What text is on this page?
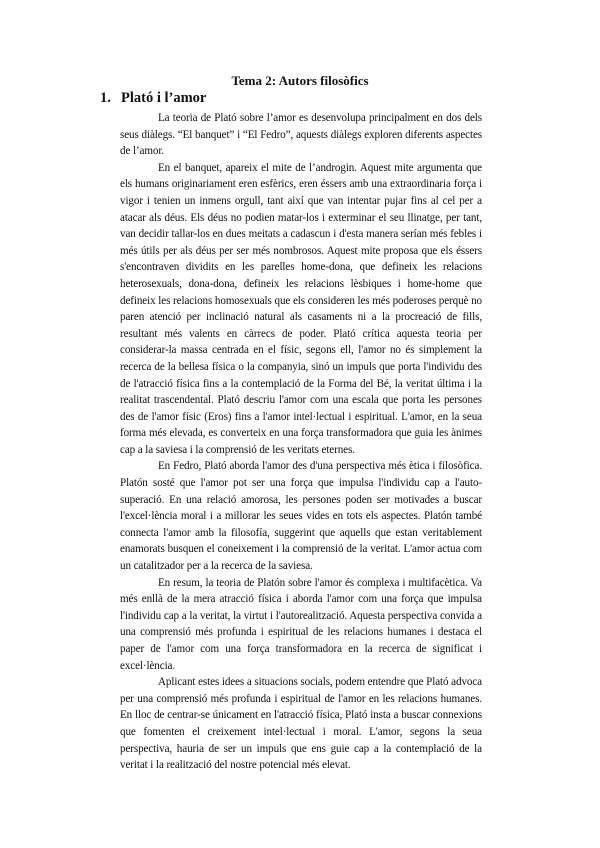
Tema 2: Autors filosòfics
1. Plató i l’amor

La teoria de Plató sobre l’amor es desenvolupa principalment en dos dels seus diàlegs. “El banquet” i “El Fedro”, aquests diàlegs exploren diferents aspectes de l’amor.

En el banquet, apareix el mite de l’androgin. Aquest mite argumenta que els humans originariament eren esfèrics, eren éssers amb una extraordinaria força i vigor i tenien un inmens orgull, tant així que van intentar pujar fins al cel per a atacar als déus. Els déus no podien matar-los i exterminar el seu llinatge, per tant, van decidir tallar-los en dues meitats a cadascun i d'esta manera serían més febles i més útils per als déus per ser més nombrosos. Aquest mite proposa que els éssers s'encontraven dividits en les parelles home-dona, que defineix les relacions heterosexuals, dona-dona, defineix les relacions lèsbiques i home-home que defineix les relacions homosexuals que els consideren les més poderoses perquè no paren atenció per inclinació natural als casaments ni a la procreació de fills, resultant més valents en càrrecs de poder. Plató crítica aquesta teoria per considerar-la massa centrada en el físic, segons ell, l'amor no és simplement la recerca de la bellesa física o la companyia, sinó un impuls que porta l'individu des de l'atracció física fins a la contemplació de la Forma del Bé, la veritat última i la realitat trascendental. Plató descriu l'amor com una escala que porta les persones des de l'amor físic (Eros) fins a l'amor intel·lectual i espiritual. L'amor, en la seua forma més elevada, es converteix en una força transformadora que guia les ànimes cap a la saviesa i la comprensió de les veritats eternes.

En Fedro, Plató aborda l'amor des d'una perspectiva més ètica i filosòfica. Platón sosté que l'amor pot ser una força que impulsa l'individu cap a l'auto-superació. En una relació amorosa, les persones poden ser motivades a buscar l'excel·lència moral i a millorar les seues vides en tots els aspectes. Platón també connecta l'amor amb la filosofía, suggerint que aquells que estan veritablement enamorats busquen el coneixement i la comprensió de la veritat. L'amor actua com un catalitzador per a la recerca de la saviesa.

En resum, la teoria de Platón sobre l'amor és complexa i multifacètica. Va més enllà de la mera atracció física i aborda l'amor com una força que impulsa l'individu cap a la veritat, la virtut i l'autorealització. Aquesta perspectiva convida a una comprensió més profunda i espiritual de les relacions humanes i destaca el paper de l'amor com una força transformadora en la recerca de significat i excel·lència.

Aplicant estes idees a situacions socials, podem entendre que Plató advoca per una comprensió més profunda i espiritual de l'amor en les relacions humanes. En lloc de centrar-se únicament en l'atracció física, Plató insta a buscar connexions que fomenten el creixement intel·lectual i moral. L'amor, segons la seua perspectiva, hauria de ser un impuls que ens guie cap a la contemplació de la veritat i la realització del nostre potencial més elevat.
